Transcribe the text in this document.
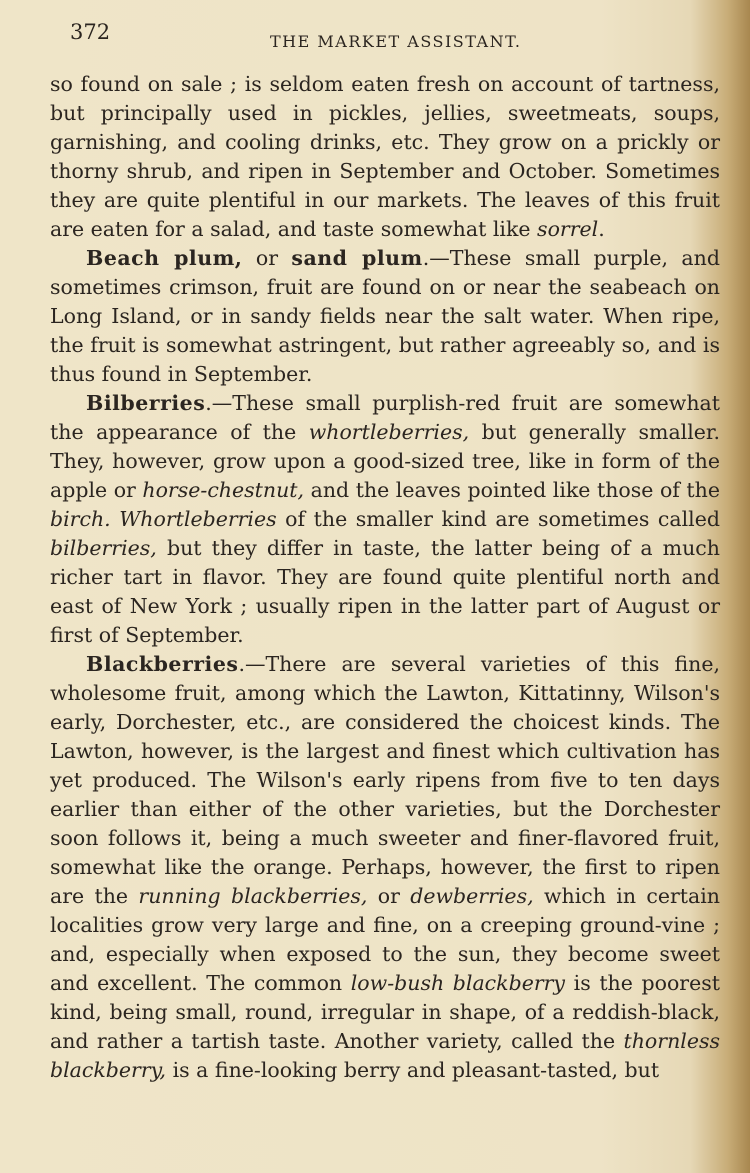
372	THE MARKET ASSISTANT.

so found on sale ; is seldom eaten fresh on account of tartness, but principally used in pickles, jellies, sweetmeats, soups, garnishing, and cooling drinks, etc. They grow on a prickly or thorny shrub, and ripen in September and October. Sometimes they are quite plentiful in our markets. The leaves of this fruit are eaten for a salad, and taste somewhat like sorrel.

Beach plum, or sand plum.—These small purple, and sometimes crimson, fruit are found on or near the seabeach on Long Island, or in sandy fields near the salt water. When ripe, the fruit is somewhat astringent, but rather agreeably so, and is thus found in September.

Bilberries.—These small purplish-red fruit are somewhat the appearance of the whortleberries, but generally smaller. They, however, grow upon a good-sized tree, like in form of the apple or horse-chestnut, and the leaves pointed like those of the birch. Whortleberries of the smaller kind are sometimes called bilberries, but they differ in taste, the latter being of a much richer tart in flavor. They are found quite plentiful north and east of New York ; usually ripen in the latter part of August or first of September.

Blackberries.—There are several varieties of this fine, wholesome fruit, among which the Lawton, Kittatinny, Wilson's early, Dorchester, etc., are considered the choicest kinds. The Lawton, however, is the largest and finest which cultivation has yet produced. The Wilson's early ripens from five to ten days earlier than either of the other varieties, but the Dorchester soon follows it, being a much sweeter and finer-flavored fruit, somewhat like the orange. Perhaps, however, the first to ripen are the running blackberries, or dewberries, which in certain localities grow very large and fine, on a creeping ground-vine ; and, especially when exposed to the sun, they become sweet and excellent. The common low-bush blackberry is the poorest kind, being small, round, irregular in shape, of a reddish-black, and rather a tartish taste. Another variety, called the thornless blackberry, is a fine-looking berry and pleasant-tasted, but
